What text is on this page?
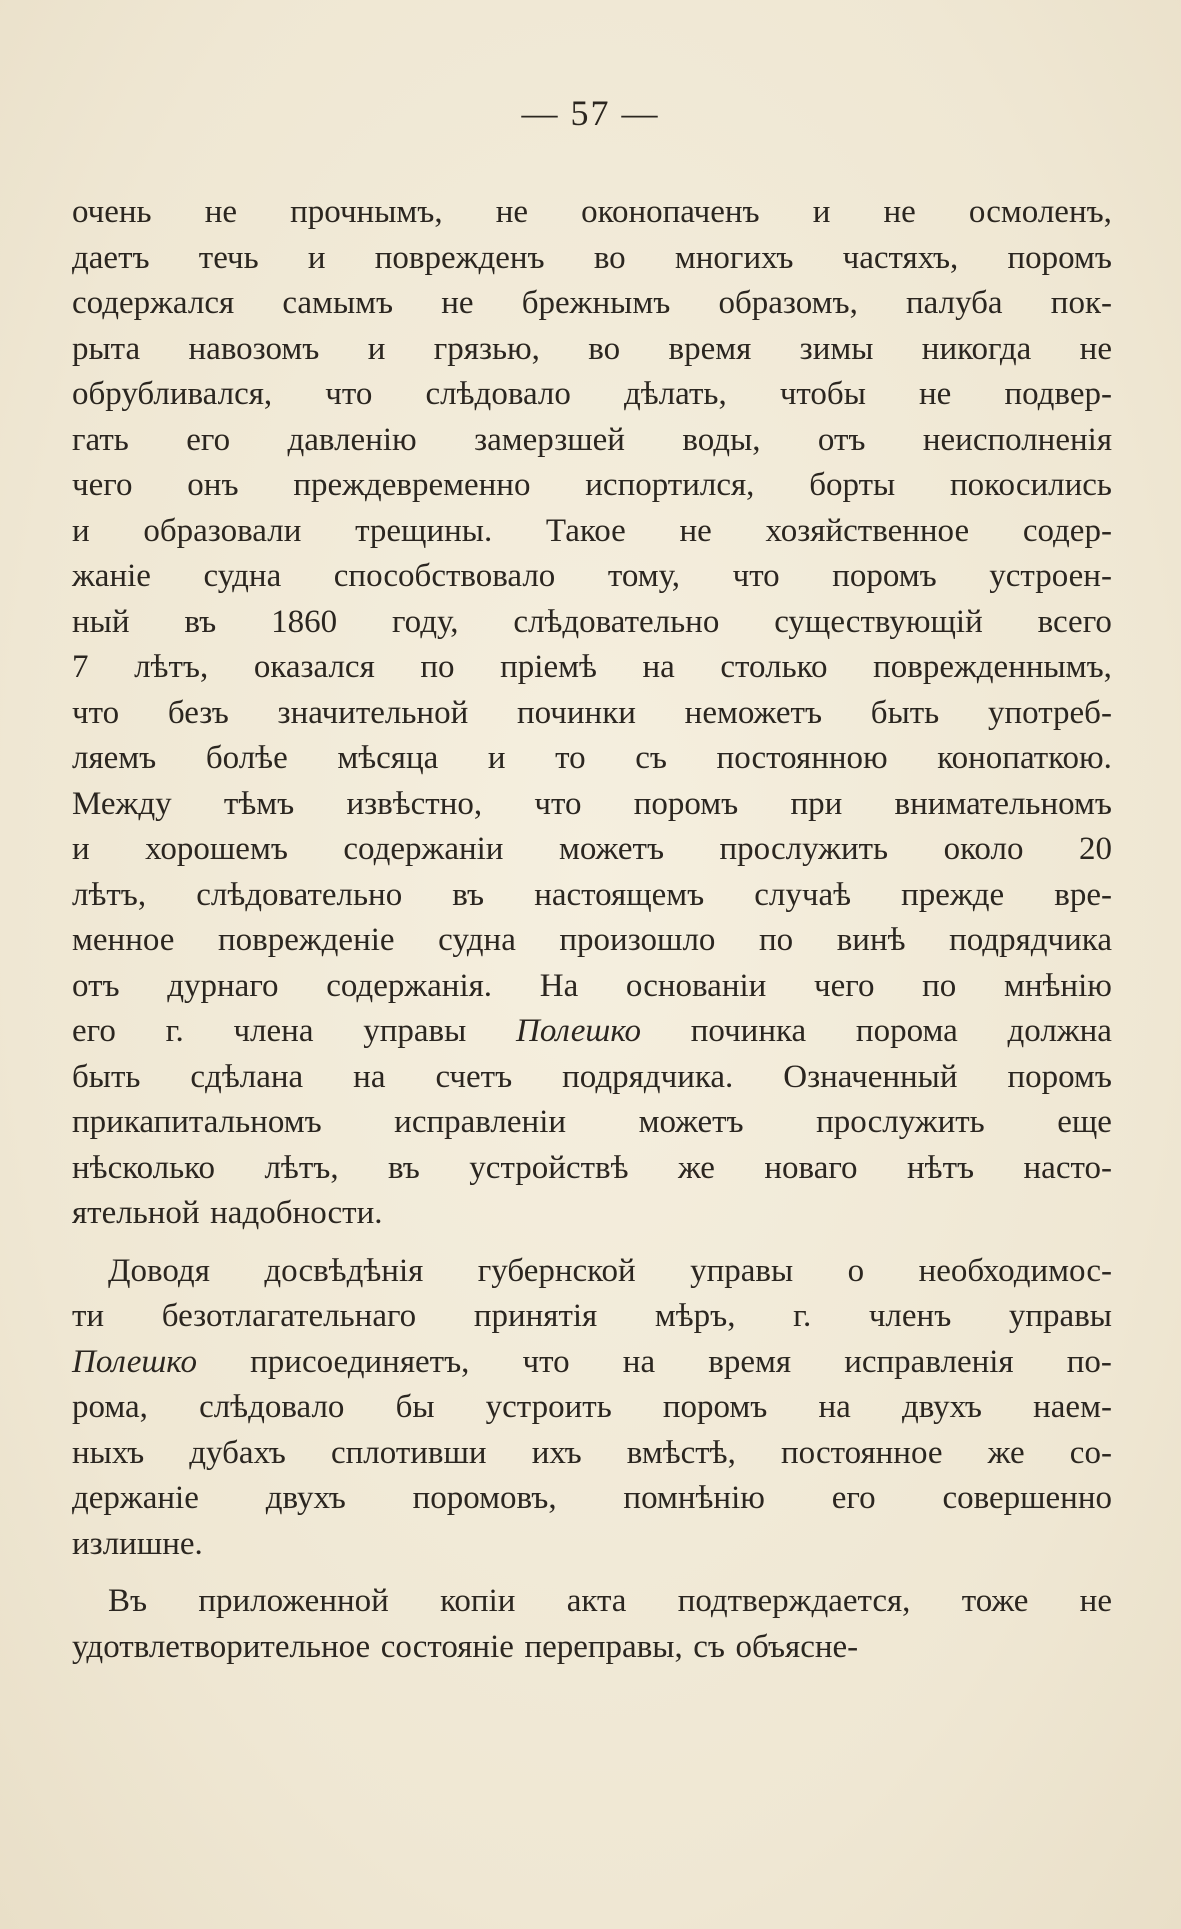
— 57 —
очень не прочнымъ, не оконопаченъ и не осмоленъ,
даетъ течь и поврежденъ во многихъ частяхъ, поромъ
содержался самымъ не брежнымъ образомъ, палуба пок-
рыта навозомъ и грязью, во время зимы никогда не
обрубливался, что слѣдовало дѣлать, чтобы не подвер-
гать его давленію замерзшей воды, отъ неисполненія
чего онъ преждевременно испортился, борты покосились
и образовали трещины. Такое не хозяйственное содер-
жаніе судна способствовало тому, что поромъ устроен-
ный въ 1860 году, слѣдовательно существующій всего
7 лѣтъ, оказался по пріемѣ на столько поврежденнымъ,
что безъ значительной починки неможетъ быть употреб-
ляемъ болѣе мѣсяца и то съ постоянною конопаткою.
Между тѣмъ извѣстно, что поромъ при внимательномъ
и хорошемъ содержаніи можетъ прослужить около 20
лѣтъ, слѣдовательно въ настоящемъ случаѣ прежде вре-
менное поврежденіе судна произошло по винѣ подрядчика
отъ дурнаго содержанія. На основаніи чего по мнѣнію
его г. члена управы Полешко починка порома должна
быть сдѣлана на счетъ подрядчика. Означенный поромъ
прикапитальномъ исправленіи можетъ прослужить еще
нѣсколько лѣтъ, въ устройствѣ же новаго нѣтъ насто-
ятельной надобности.
Доводя досвѣдѣнія губернской управы о необходимос-
ти безотлагательнаго принятія мѣръ, г. членъ управы
Полешко присоединяетъ, что на время исправленія по-
рома, слѣдовало бы устроить поромъ на двухъ наем-
ныхъ дубахъ сплотивши ихъ вмѣстѣ, постоянное же со-
держаніе двухъ поромовъ, помнѣнію его совершенно
излишне.
Въ приложенной копіи акта подтверждается, тоже не
удотвлетворительное состояніе переправы, съ объясне-
